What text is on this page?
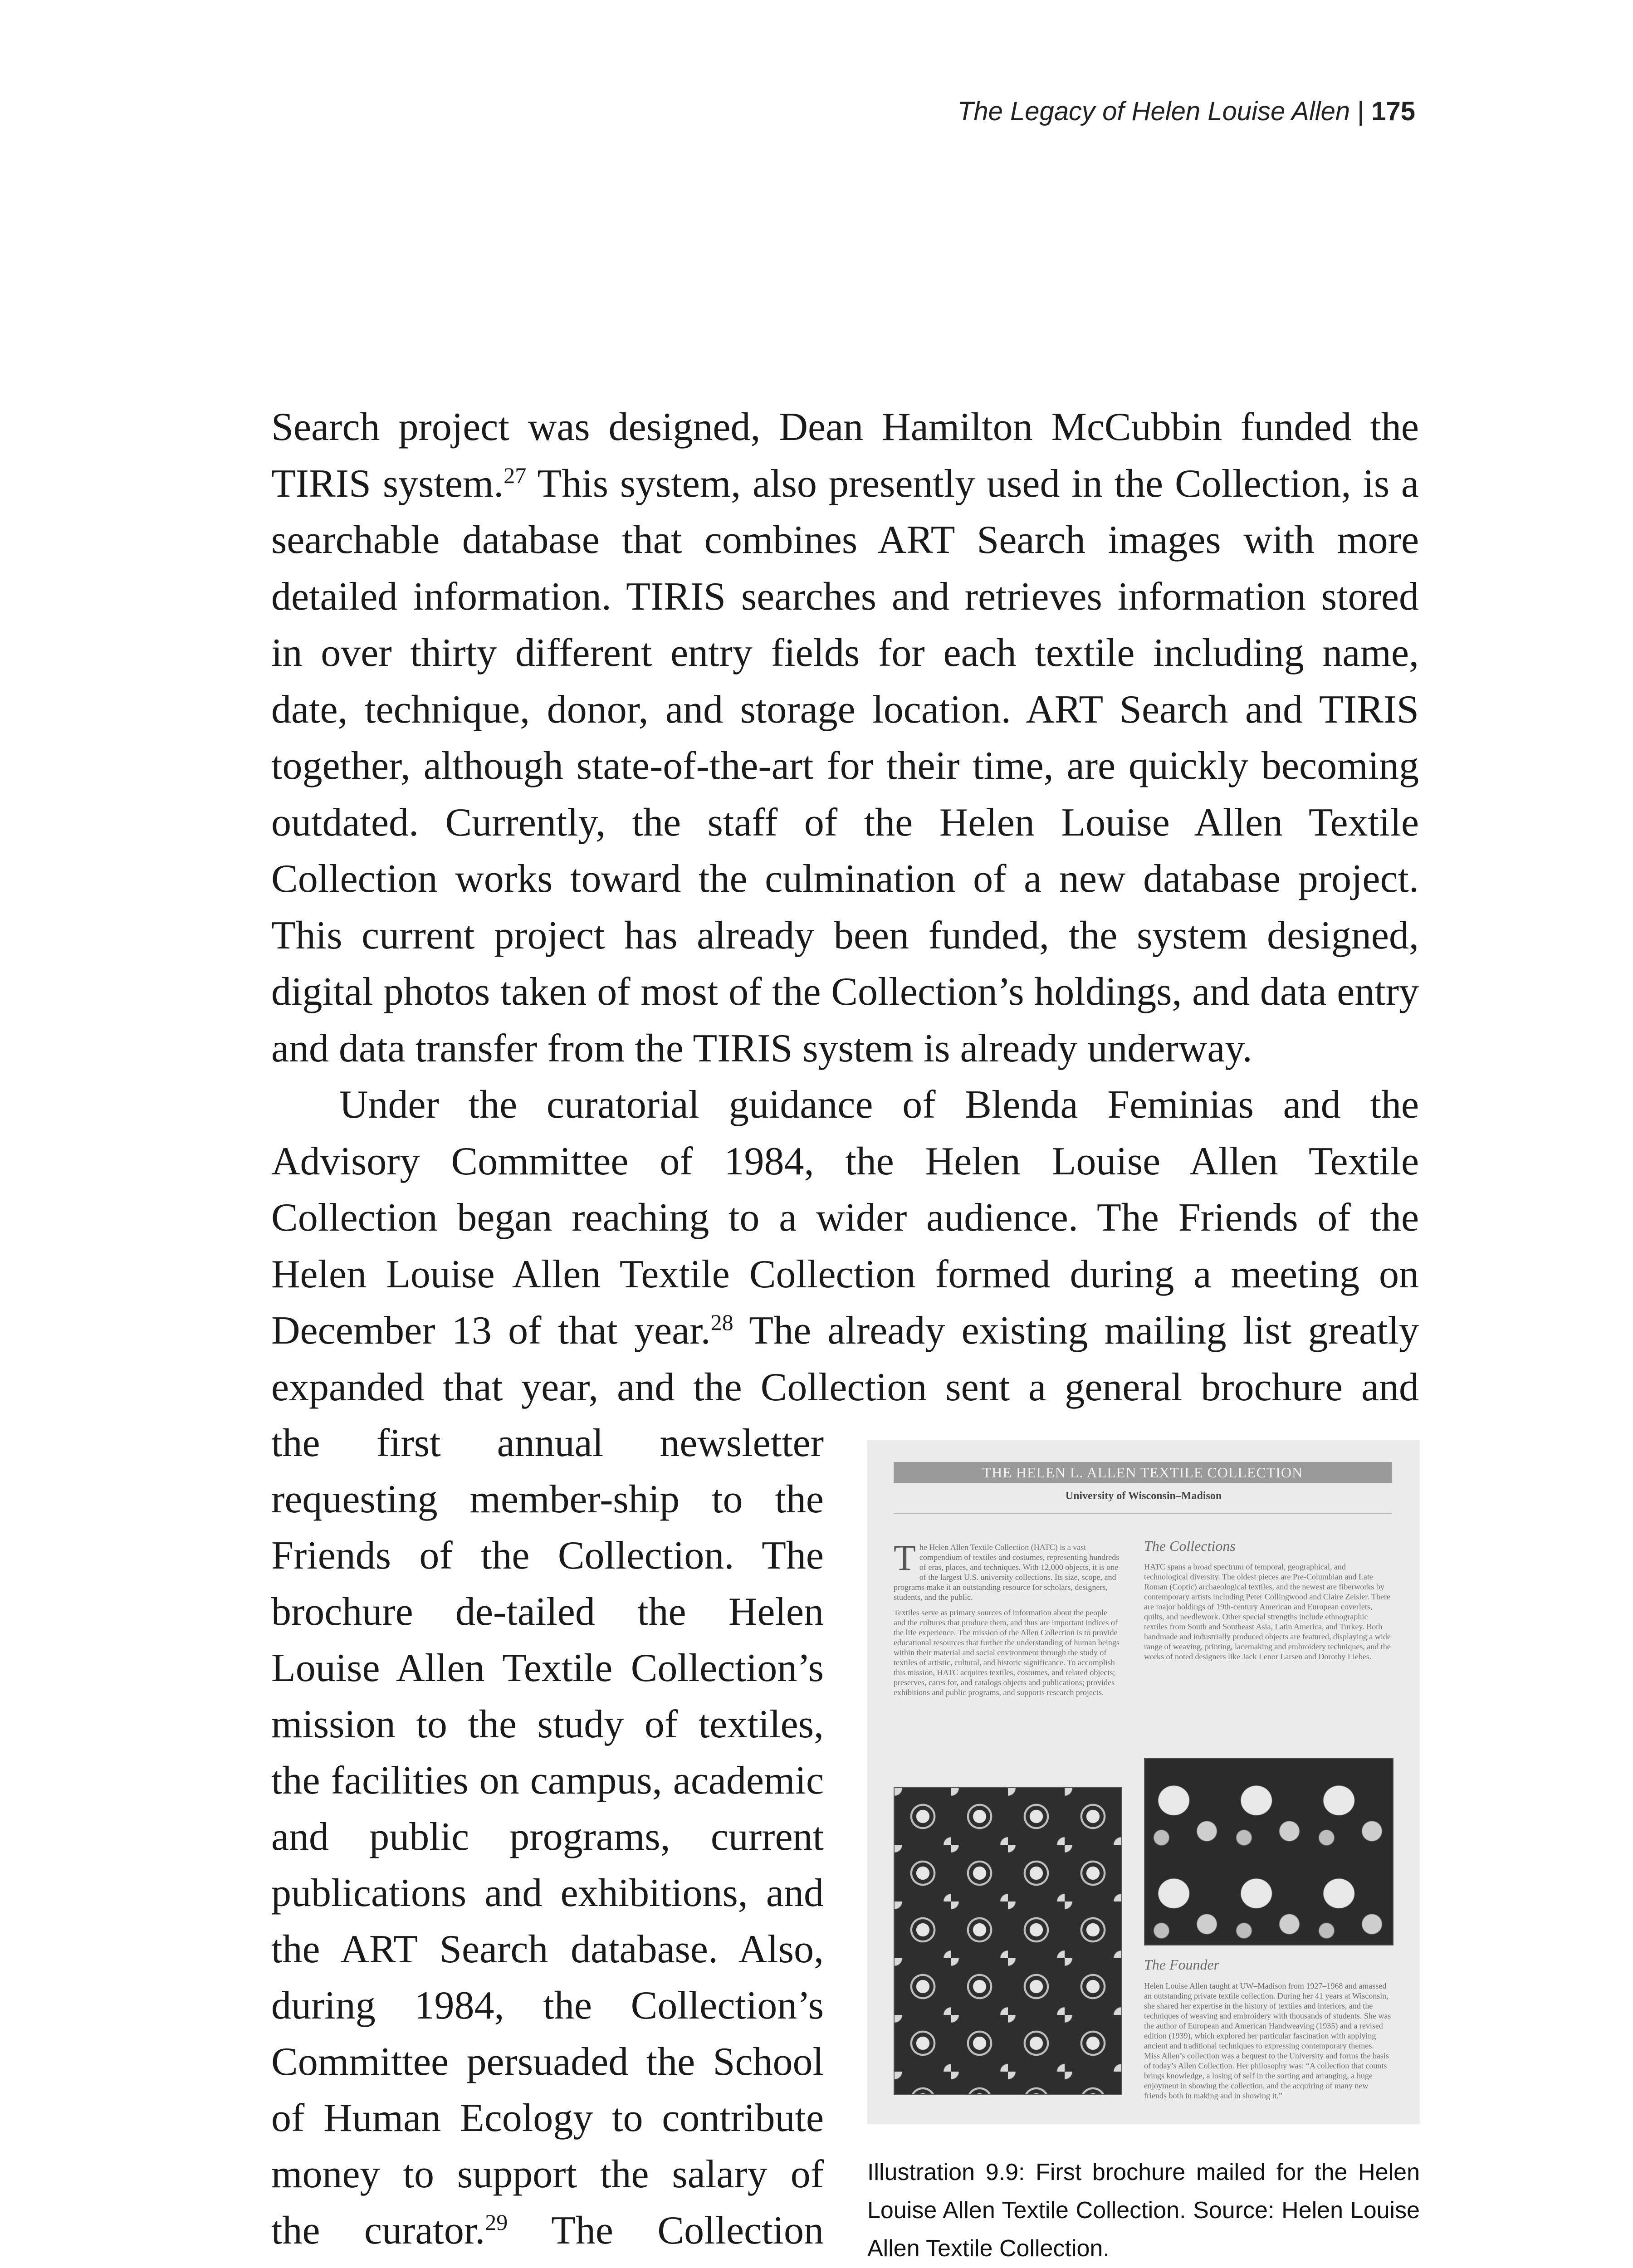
The Legacy of Helen Louise Allen | 175

Search project was designed, Dean Hamilton McCubbin funded the TIRIS system.$^{27}$ This system, also presently used in the Collection, is a searchable database that combines ART Search images with more detailed information. TIRIS searches and retrieves information stored in over thirty different entry fields for each textile including name, date, technique, donor, and storage location. ART Search and TIRIS together, although state-of-the-art for their time, are quickly becoming outdated. Currently, the staff of the Helen Louise Allen Textile Collection works toward the culmination of a new database project. This current project has already been funded, the system designed, digital photos taken of most of the Collection’s holdings, and data entry and data transfer from the TIRIS system is already underway.

Under the curatorial guidance of Blenda Feminias and the Advisory Committee of 1984, the Helen Louise Allen Textile Collection began reaching to a wider audience. The Friends of the Helen Louise Allen Textile Collection formed during a meeting on December 13 of that year.$^{28}$ The already existing mailing list greatly expanded that year, and the Collection sent a general brochure and

the first annual newsletter
requesting member-ship to the
Friends of the Collection. The
brochure de-tailed the Helen
Louise Allen Textile Collection’s
mission to the study of textiles,
the facilities on campus, academic
and public programs, current
publications and exhibitions, and
the ART Search database. Also,
during 1984, the Collection’s
Committee persuaded the School
of Human Ecology to contribute
money to support the salary of
the curator.$^{29}$ The Collection
THE HELEN L. ALLEN TEXTILE COLLECTION
University of Wisconsin–Madison

The Helen Allen Textile Collection (HATC) is a vast compendium of textiles and costumes, representing hundreds of eras, places, and techniques. With 12,000 objects, it is one of the largest U.S. university collections. Its size, scope, and programs make it an outstanding resource for scholars, designers, students, and the public.

Textiles serve as primary sources of information about the people and the cultures that produce them, and thus are important indices of the life experience. The mission of the Allen Collection is to provide educational resources that further the understanding of human beings within their material and social environment through the study of textiles of artistic, cultural, and historic significance. To accomplish this mission, HATC acquires textiles, costumes, and related objects; preserves, cares for, and catalogs objects and publications; provides exhibitions and public programs, and supports research projects.

The Collections
HATC spans a broad spectrum of temporal, geographical, and technological diversity. The oldest pieces are Pre-Columbian and Late Roman (Coptic) archaeological textiles, and the newest are fiberworks by contemporary artists including Peter Collingwood and Claire Zeisler. There are major holdings of 19th-century American and European coverlets, quilts, and needlework. Other special strengths include ethnographic textiles from South and Southeast Asia, Latin America, and Turkey. Both handmade and industrially produced objects are featured, displaying a wide range of weaving, printing, lacemaking and embroidery techniques, and the works of noted designers like Jack Lenor Larsen and Dorothy Liebes.
The Founder
Helen Louise Allen taught at UW–Madison from 1927–1968 and amassed an outstanding private textile collection. During her 41 years at Wisconsin, she shared her expertise in the history of textiles and interiors, and the techniques of weaving and embroidery with thousands of students. She was the author of European and American Handweaving (1935) and a revised edition (1939), which explored her particular fascination with applying ancient and traditional techniques to expressing contemporary themes. Miss Allen’s collection was a bequest to the University and forms the basis of today’s Allen Collection. Her philosophy was: “A collection that counts brings knowledge, a losing of self in the sorting and arranging, a huge enjoyment in showing the collection, and the acquiring of many new friends both in making and in showing it.”
Illustration 9.9: First brochure mailed for the Helen Louise Allen Textile Collection. Source: Helen Louise Allen Textile Collection.
